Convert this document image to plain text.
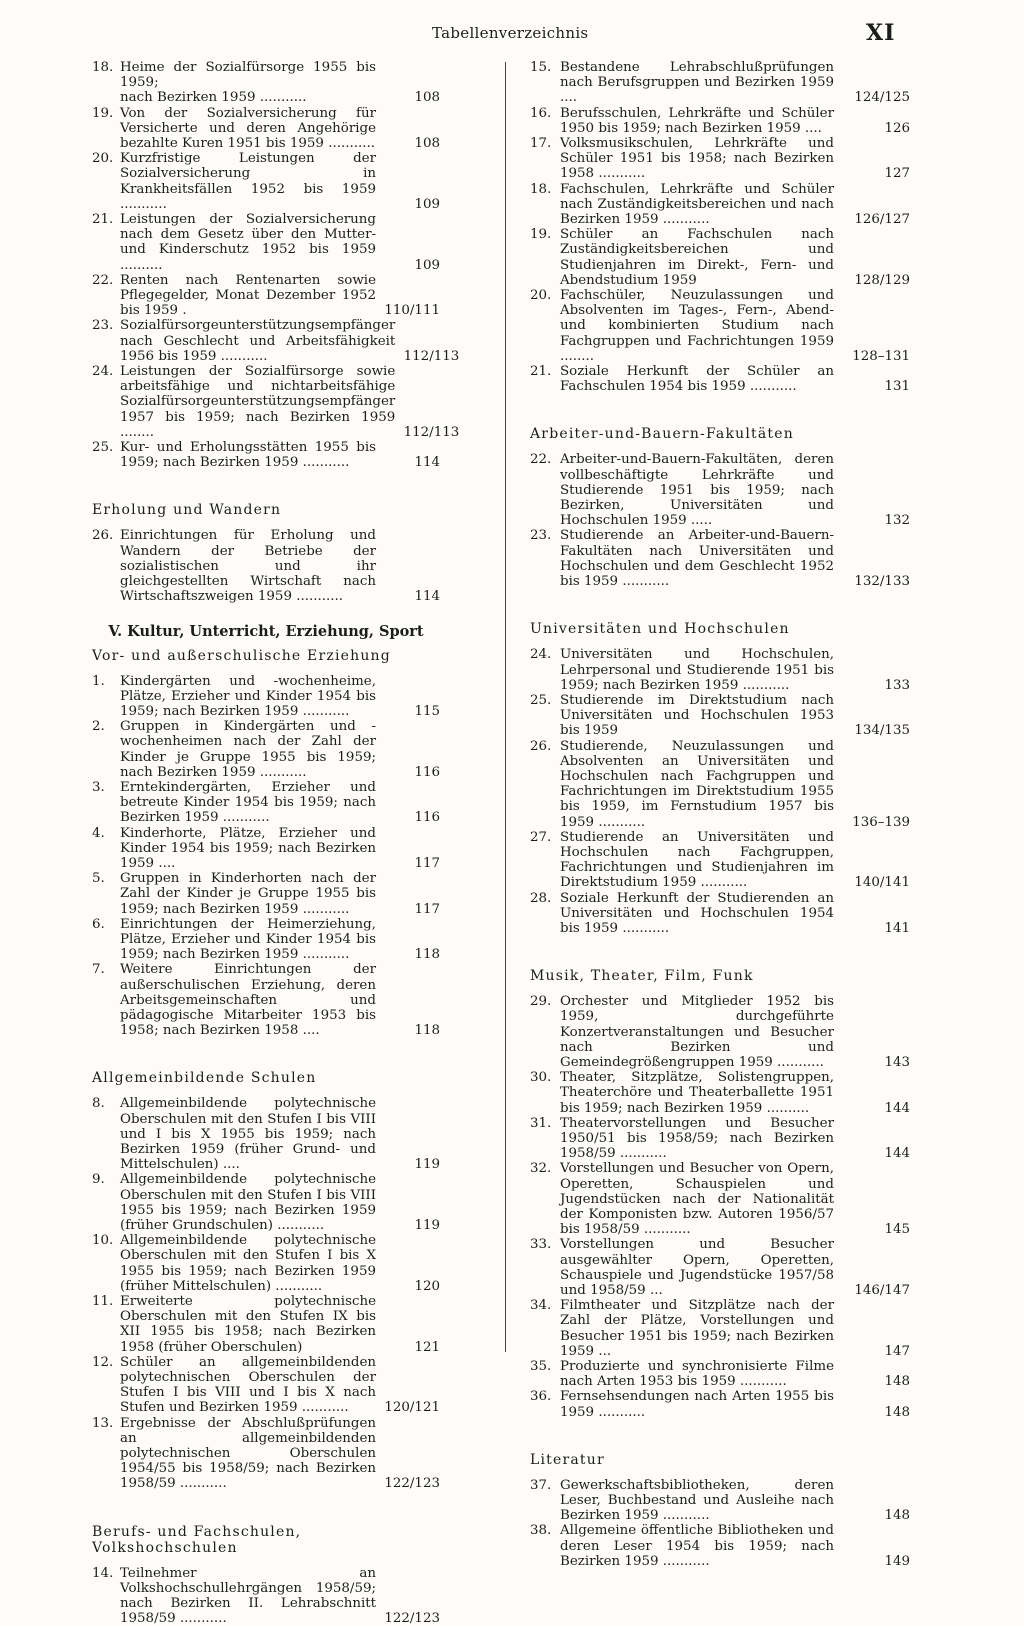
Tabellenverzeichnis	XI
18. Heime der Sozialfürsorge 1955 bis 1959;
nach Bezirken 1959 ...........	108
19. Von der Sozialversicherung für Versicherte und deren Angehörige bezahlte Kuren 1951 bis 1959 ...........	108
20. Kurzfristige Leistungen der Sozialversicherung in Krankheitsfällen 1952 bis 1959 ...........	109
21. Leistungen der Sozialversicherung nach dem Gesetz über den Mutter- und Kinderschutz 1952 bis 1959 ..........	109
22. Renten nach Rentenarten sowie Pflegegelder, Monat Dezember 1952 bis 1959 .	110/111
23. Sozialfürsorgeunterstützungsempfänger nach Geschlecht und Arbeitsfähigkeit 1956 bis 1959 ...........	112/113
24. Leistungen der Sozialfürsorge sowie arbeitsfähige und nichtarbeitsfähige Sozialfürsorgeunterstützungsempfänger 1957 bis 1959; nach Bezirken 1959 ........	112/113
25. Kur- und Erholungsstätten 1955 bis 1959; nach Bezirken 1959 ...........	114
Erholung und Wandern
26. Einrichtungen für Erholung und Wandern der Betriebe der sozialistischen und ihr gleichgestellten Wirtschaft nach Wirtschaftszweigen 1959 ...........	114
V. Kultur, Unterricht, Erziehung, Sport
Vor- und außerschulische Erziehung
1.	Kindergärten und -wochenheime, Plätze, Erzieher und Kinder 1954 bis 1959; nach Bezirken 1959 ...........	115
2.	Gruppen in Kindergärten und -wochenheimen nach der Zahl der Kinder je Gruppe 1955 bis 1959; nach Bezirken 1959 ...........	116
3.	Erntekindergärten, Erzieher und betreute Kinder 1954 bis 1959; nach Bezirken 1959 ...........	116
4.	Kinderhorte, Plätze, Erzieher und Kinder 1954 bis 1959; nach Bezirken 1959 ....	117
5.	Gruppen in Kinderhorten nach der Zahl der Kinder je Gruppe 1955 bis 1959; nach Bezirken 1959 ...........	117
6.	Einrichtungen der Heimerziehung, Plätze, Erzieher und Kinder 1954 bis 1959; nach Bezirken 1959 ...........	118
7.	Weitere Einrichtungen der außerschulischen Erziehung, deren Arbeitsgemeinschaften und pädagogische Mitarbeiter 1953 bis 1958; nach Bezirken 1958 ....	118
Allgemeinbildende Schulen
8.	Allgemeinbildende polytechnische Oberschulen mit den Stufen I bis VIII und I bis X 1955 bis 1959; nach Bezirken 1959 (früher Grund- und Mittelschulen) ....	119
9.	Allgemeinbildende polytechnische Oberschulen mit den Stufen I bis VIII 1955 bis 1959; nach Bezirken 1959 (früher Grundschulen) ...........	119
10. Allgemeinbildende polytechnische Oberschulen mit den Stufen I bis X 1955 bis 1959; nach Bezirken 1959 (früher Mittelschulen) ...........	120
11. Erweiterte polytechnische Oberschulen mit den Stufen IX bis XII 1955 bis 1958; nach Bezirken 1958 (früher Oberschulen)	121
12. Schüler an allgemeinbildenden polytechnischen Oberschulen der Stufen I bis VIII und I bis X nach Stufen und Bezirken 1959 ...........	120/121
13. Ergebnisse der Abschlußprüfungen an allgemeinbildenden polytechnischen Oberschulen 1954/55 bis 1958/59; nach Bezirken 1958/59 ...........	122/123
Berufs- und Fachschulen, Volkshochschulen
14. Teilnehmer an Volkshochschullehrgängen 1958/59; nach Bezirken II. Lehrabschnitt 1958/59 ...........	122/123
15. Bestandene Lehrabschlußprüfungen nach Berufsgruppen und Bezirken 1959 ....	124/125
16. Berufsschulen, Lehrkräfte und Schüler 1950 bis 1959; nach Bezirken 1959 ....	126
17. Volksmusikschulen, Lehrkräfte und Schüler 1951 bis 1958; nach Bezirken 1958 ...........	127
18. Fachschulen, Lehrkräfte und Schüler nach Zuständigkeitsbereichen und nach Bezirken 1959 ...........	126/127
19. Schüler an Fachschulen nach Zuständigkeitsbereichen und Studienjahren im Direkt-, Fern- und Abendstudium 1959	128/129
20. Fachschüler, Neuzulassungen und Absolventen im Tages-, Fern-, Abend- und kombinierten Studium nach Fachgruppen und Fachrichtungen 1959 ........	128–131
21. Soziale Herkunft der Schüler an Fachschulen 1954 bis 1959 ...........	131
Arbeiter-und-Bauern-Fakultäten
22. Arbeiter-und-Bauern-Fakultäten, deren vollbeschäftigte Lehrkräfte und Studierende 1951 bis 1959; nach Bezirken, Universitäten und Hochschulen 1959 .....	132
23. Studierende an Arbeiter-und-Bauern-Fakultäten nach Universitäten und Hochschulen und dem Geschlecht 1952 bis 1959 ...........	132/133
Universitäten und Hochschulen
24. Universitäten und Hochschulen, Lehrpersonal und Studierende 1951 bis 1959; nach Bezirken 1959 ...........	133
25. Studierende im Direktstudium nach Universitäten und Hochschulen 1953 bis 1959	134/135
26. Studierende, Neuzulassungen und Absolventen an Universitäten und Hochschulen nach Fachgruppen und Fachrichtungen im Direktstudium 1955 bis 1959, im Fernstudium 1957 bis 1959 ...........	136–139
27. Studierende an Universitäten und Hochschulen nach Fachgruppen, Fachrichtungen und Studienjahren im Direktstudium 1959 ...........	140/141
28. Soziale Herkunft der Studierenden an Universitäten und Hochschulen 1954 bis 1959 ...........	141
Musik, Theater, Film, Funk
29. Orchester und Mitglieder 1952 bis 1959, durchgeführte Konzertveranstaltungen und Besucher nach Bezirken und Gemeindegrößengruppen 1959 ...........	143
30. Theater, Sitzplätze, Solistengruppen, Theaterchöre und Theaterballette 1951 bis 1959; nach Bezirken 1959 ..........	144
31. Theatervorstellungen und Besucher 1950/51 bis 1958/59; nach Bezirken 1958/59 ...........	144
32. Vorstellungen und Besucher von Opern, Operetten, Schauspielen und Jugendstücken nach der Nationalität der Komponisten bzw. Autoren 1956/57 bis 1958/59 ...........	145
33. Vorstellungen und Besucher ausgewählter Opern, Operetten, Schauspiele und Jugendstücke 1957/58 und 1958/59 ...	146/147
34. Filmtheater und Sitzplätze nach der Zahl der Plätze, Vorstellungen und Besucher 1951 bis 1959; nach Bezirken 1959 ...	147
35. Produzierte und synchronisierte Filme nach Arten 1953 bis 1959 ...........	148
36. Fernsehsendungen nach Arten 1955 bis 1959 ...........	148
Literatur
37. Gewerkschaftsbibliotheken, deren Leser, Buchbestand und Ausleihe nach Bezirken 1959 ...........	148
38. Allgemeine öffentliche Bibliotheken und deren Leser 1954 bis 1959; nach Bezirken 1959 ...........	149
